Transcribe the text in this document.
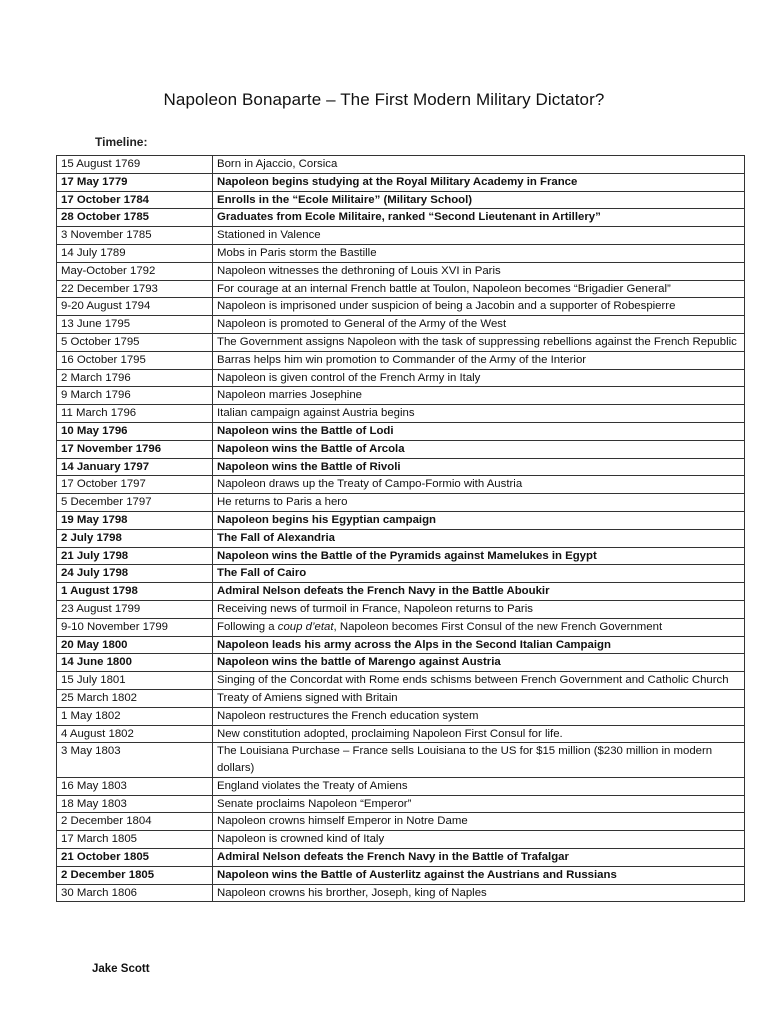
Napoleon Bonaparte – The First Modern Military Dictator?
Timeline:
15 August 1769	Born in Ajaccio, Corsica
17 May 1779	Napoleon begins studying at the Royal Military Academy in France
17 October 1784	Enrolls in the “Ecole Militaire” (Military School)
28 October 1785	Graduates from Ecole Militaire, ranked “Second Lieutenant in Artillery”
3 November 1785	Stationed in Valence
14 July 1789	Mobs in Paris storm the Bastille
May-October 1792	Napoleon witnesses the dethroning of Louis XVI in Paris
22 December 1793	For courage at an internal French battle at Toulon, Napoleon becomes “Brigadier General”
9-20 August 1794	Napoleon is imprisoned under suspicion of being a Jacobin and a supporter of Robespierre
13 June 1795	Napoleon is promoted to General of the Army of the West
5 October 1795	The Government assigns Napoleon with the task of suppressing rebellions against the French Republic
16 October 1795	Barras helps him win promotion to Commander of the Army of the Interior
2 March 1796	Napoleon is given control of the French Army in Italy
9 March 1796	Napoleon marries Josephine
11 March 1796	Italian campaign against Austria begins
10 May 1796	Napoleon wins the Battle of Lodi
17 November 1796	Napoleon wins the Battle of Arcola
14 January 1797	Napoleon wins the Battle of Rivoli
17 October 1797	Napoleon draws up the Treaty of Campo-Formio with Austria
5 December 1797	He returns to Paris a hero
19 May 1798	Napoleon begins his Egyptian campaign
2 July 1798	The Fall of Alexandria
21 July 1798	Napoleon wins the Battle of the Pyramids against Mamelukes in Egypt
24 July 1798	The Fall of Cairo
1 August 1798	Admiral Nelson defeats the French Navy in the Battle Aboukir
23 August 1799	Receiving news of turmoil in France, Napoleon returns to Paris
9-10 November 1799	Following a coup d’etat, Napoleon becomes First Consul of the new French Government
20 May 1800	Napoleon leads his army across the Alps in the Second Italian Campaign
14 June 1800	Napoleon wins the battle of Marengo against Austria
15 July 1801	Singing of the Concordat with Rome ends schisms between French Government and Catholic Church
25 March 1802	Treaty of Amiens signed with Britain
1 May 1802	Napoleon restructures the French education system
4 August 1802	New constitution adopted, proclaiming Napoleon First Consul for life.
3 May 1803	The Louisiana Purchase – France sells Louisiana to the US for $15 million ($230 million in modern dollars)
16 May 1803	England violates the Treaty of Amiens
18 May 1803	Senate proclaims Napoleon “Emperor”
2 December 1804	Napoleon crowns himself Emperor in Notre Dame
17 March 1805	Napoleon is crowned kind of Italy
21 October 1805	Admiral Nelson defeats the French Navy in the Battle of Trafalgar
2 December 1805	Napoleon wins the Battle of Austerlitz against the Austrians and Russians
30 March 1806	Napoleon crowns his brorther, Joseph, king of Naples
Jake Scott
